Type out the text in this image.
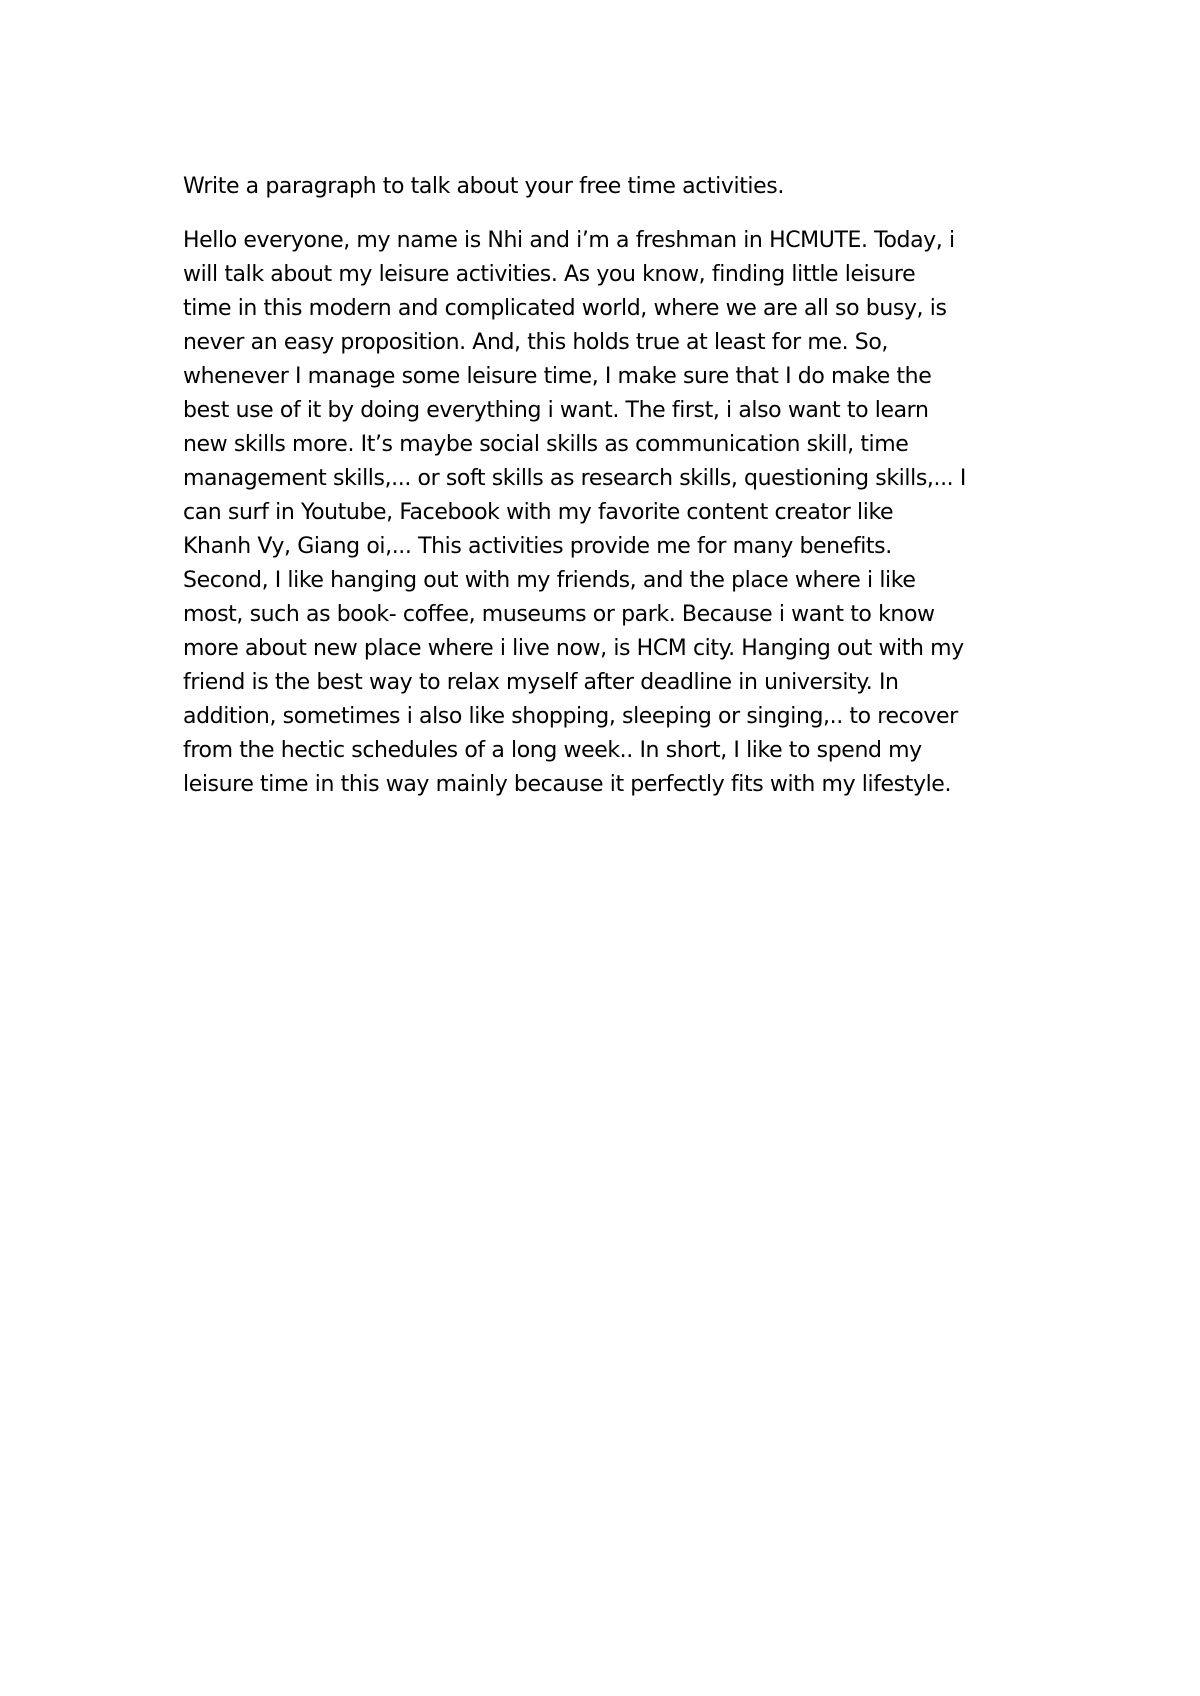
Write a paragraph to talk about your free time activities.

Hello everyone, my name is Nhi and i’m a freshman in HCMUTE. Today, i
will talk about my leisure activities. As you know, finding little leisure
time in this modern and complicated world, where we are all so busy, is
never an easy proposition. And, this holds true at least for me. So,
whenever I manage some leisure time, I make sure that I do make the
best use of it by doing everything i want. The first, i also want to learn
new skills more. It’s maybe social skills as communication skill, time
management skills,... or soft skills as research skills, questioning skills,... I
can surf in Youtube, Facebook with my favorite content creator like
Khanh Vy, Giang oi,... This activities provide me for many benefits.
Second, I like hanging out with my friends, and the place where i like
most, such as book- coffee, museums or park. Because i want to know
more about new place where i live now, is HCM city. Hanging out with my
friend is the best way to relax myself after deadline in university. In
addition, sometimes i also like shopping, sleeping or singing,.. to recover
from the hectic schedules of a long week.. In short, I like to spend my
leisure time in this way mainly because it perfectly fits with my lifestyle.
